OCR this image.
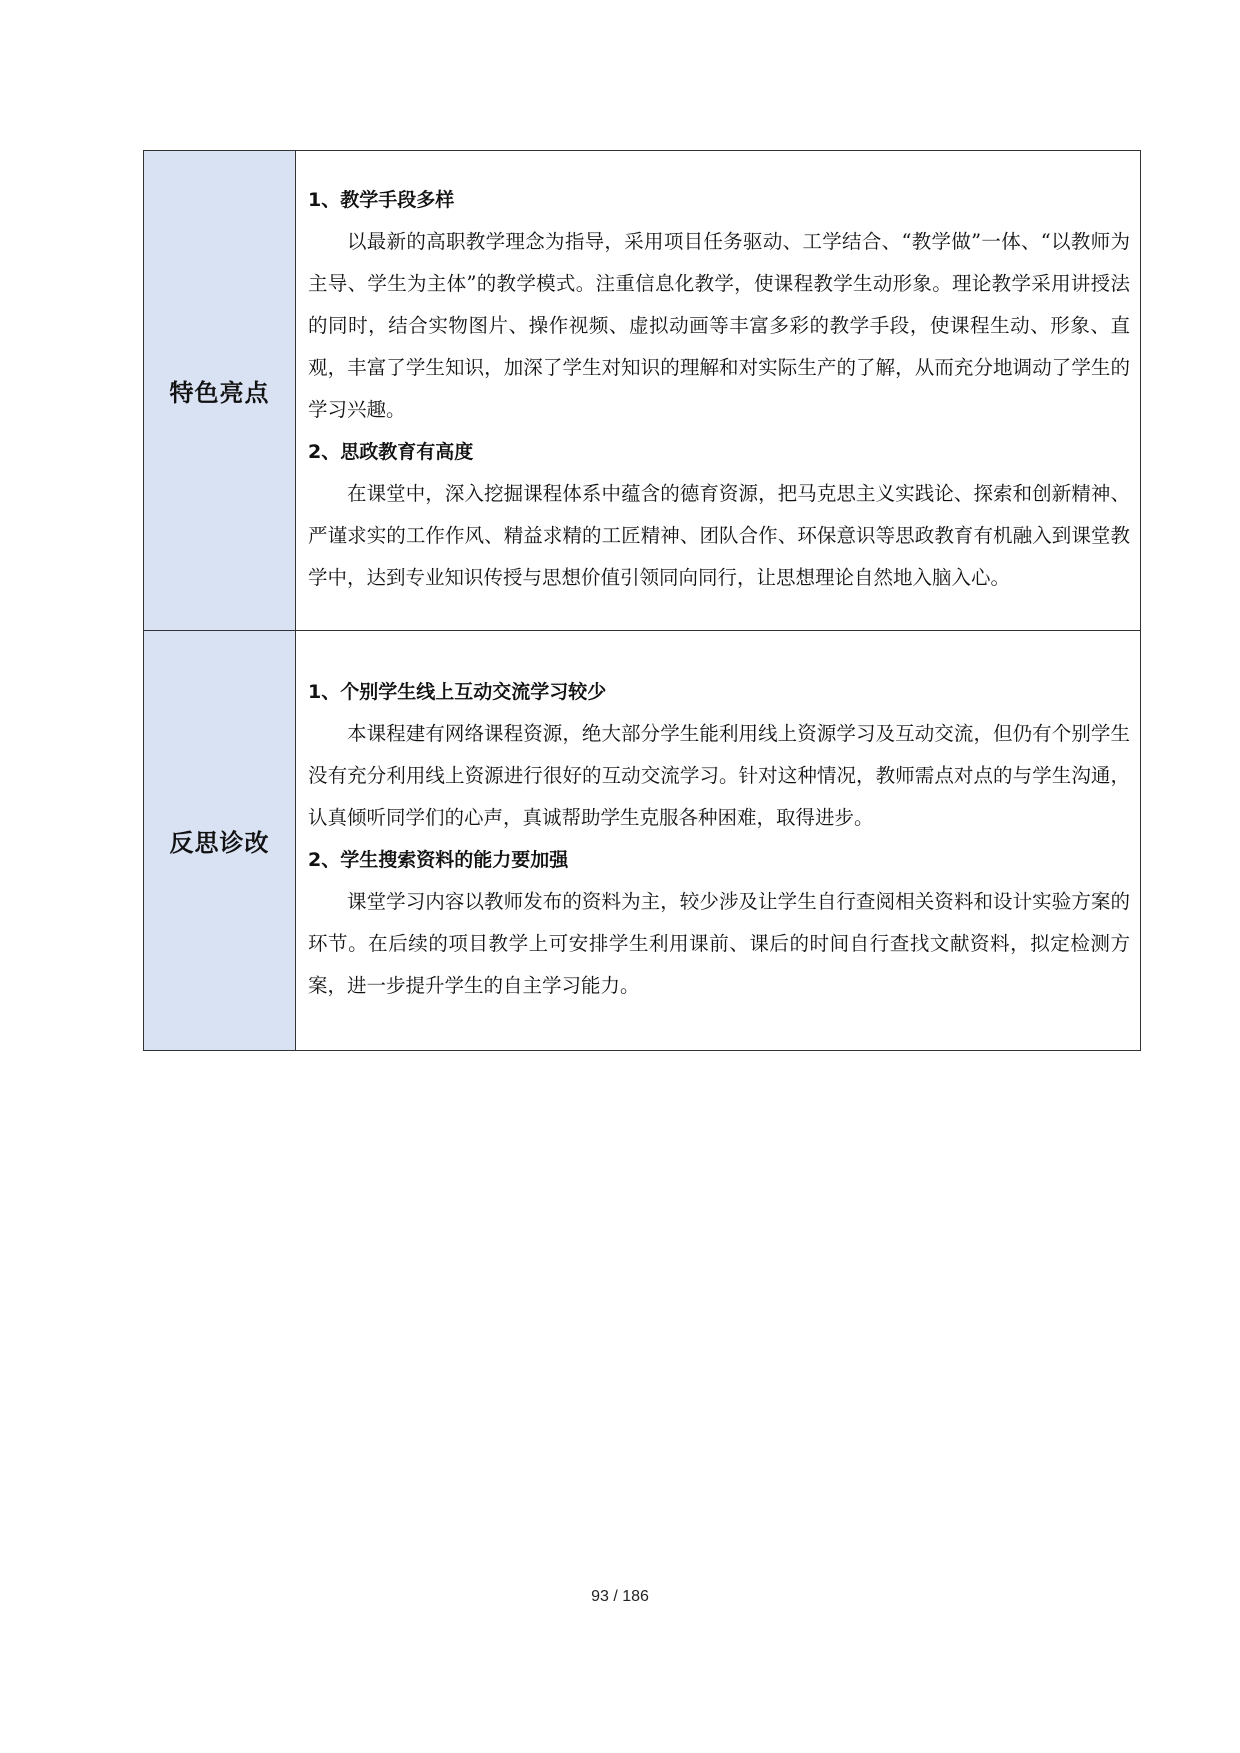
特色亮点	1、教学手段多样

以最新的高职教学理念为指导，采用项目任务驱动、工学结合、“教学做”一体、“以教师为主导、学生为主体”的教学模式。注重信息化教学，使课程教学生动形象。理论教学采用讲授法的同时，结合实物图片、操作视频、虚拟动画等丰富多彩的教学手段，使课程生动、形象、直观，丰富了学生知识，加深了学生对知识的理解和对实际生产的了解，从而充分地调动了学生的学习兴趣。

2、思政教育有高度

在课堂中，深入挖掘课程体系中蕴含的德育资源，把马克思主义实践论、探索和创新精神、严谨求实的工作作风、精益求精的工匠精神、团队合作、环保意识等思政教育有机融入到课堂教学中，达到专业知识传授与思想价值引领同向同行，让思想理论自然地入脑入心。

反思诊改	1、个别学生线上互动交流学习较少

本课程建有网络课程资源，绝大部分学生能利用线上资源学习及互动交流，但仍有个别学生没有充分利用线上资源进行很好的互动交流学习。针对这种情况，教师需点对点的与学生沟通，认真倾听同学们的心声，真诚帮助学生克服各种困难，取得进步。

2、学生搜索资料的能力要加强

课堂学习内容以教师发布的资料为主，较少涉及让学生自行查阅相关资料和设计实验方案的环节。在后续的项目教学上可安排学生利用课前、课后的时间自行查找文献资料，拟定检测方案，进一步提升学生的自主学习能力。

93 / 186
